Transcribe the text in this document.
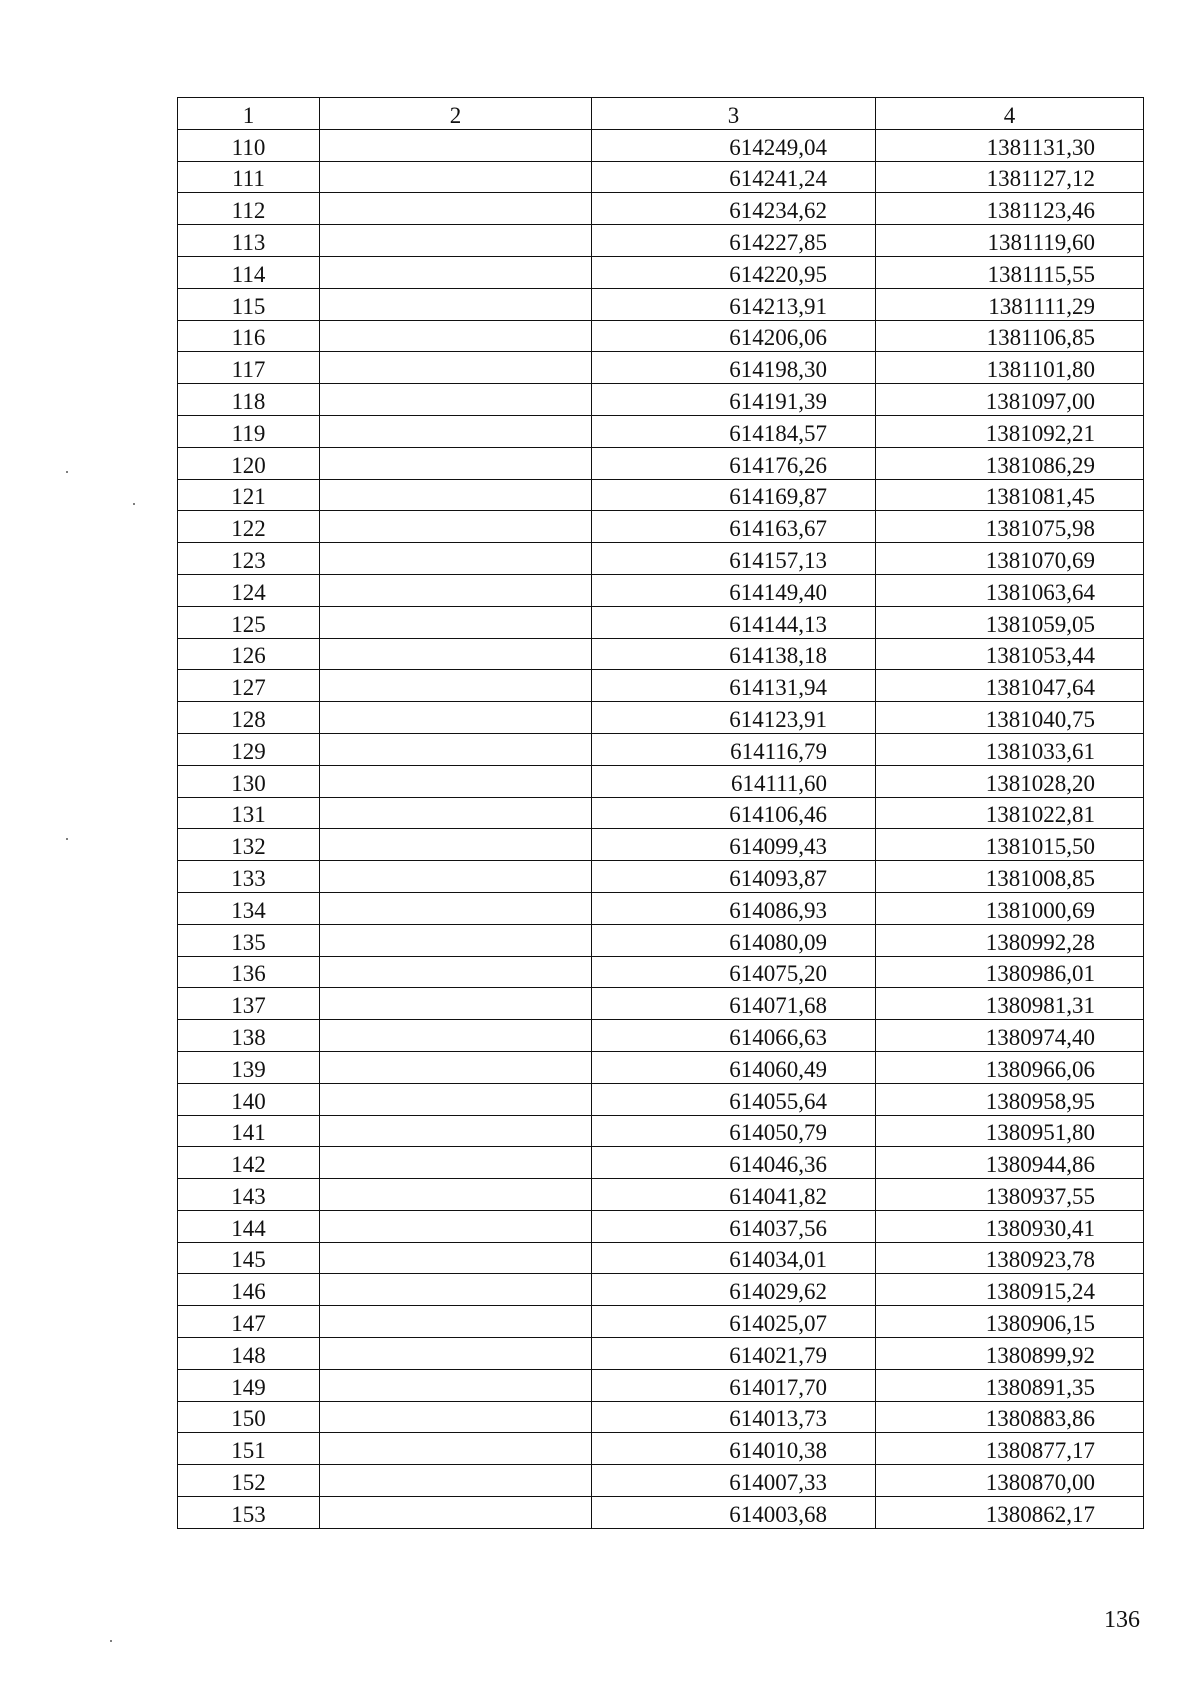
1	2	3	4
110		614249,04	1381131,30
111		614241,24	1381127,12
112		614234,62	1381123,46
113		614227,85	1381119,60
114		614220,95	1381115,55
115		614213,91	1381111,29
116		614206,06	1381106,85
117		614198,30	1381101,80
118		614191,39	1381097,00
119		614184,57	1381092,21
120		614176,26	1381086,29
121		614169,87	1381081,45
122		614163,67	1381075,98
123		614157,13	1381070,69
124		614149,40	1381063,64
125		614144,13	1381059,05
126		614138,18	1381053,44
127		614131,94	1381047,64
128		614123,91	1381040,75
129		614116,79	1381033,61
130		614111,60	1381028,20
131		614106,46	1381022,81
132		614099,43	1381015,50
133		614093,87	1381008,85
134		614086,93	1381000,69
135		614080,09	1380992,28
136		614075,20	1380986,01
137		614071,68	1380981,31
138		614066,63	1380974,40
139		614060,49	1380966,06
140		614055,64	1380958,95
141		614050,79	1380951,80
142		614046,36	1380944,86
143		614041,82	1380937,55
144		614037,56	1380930,41
145		614034,01	1380923,78
146		614029,62	1380915,24
147		614025,07	1380906,15
148		614021,79	1380899,92
149		614017,70	1380891,35
150		614013,73	1380883,86
151		614010,38	1380877,17
152		614007,33	1380870,00
153		614003,68	1380862,17
136
